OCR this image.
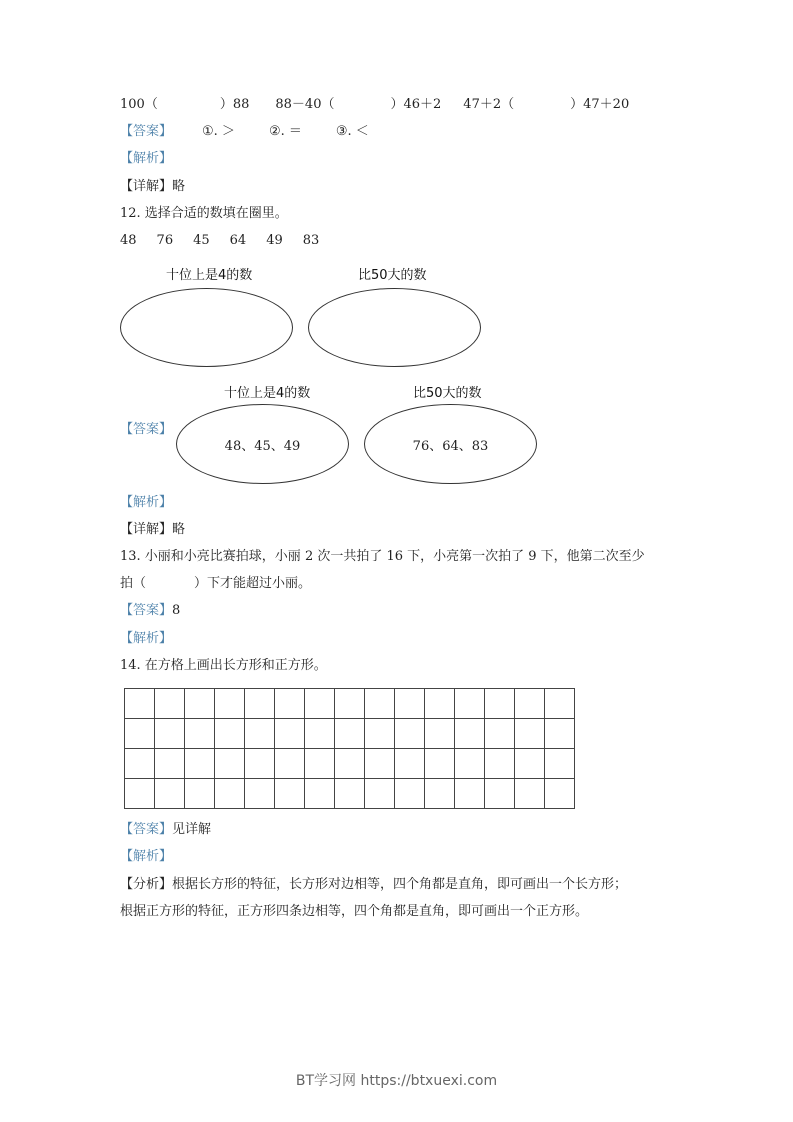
100（	）88 88－40（	）46＋2 47＋2（	）47＋20
【答案】 ①. ＞	②. ＝	③. ＜
【解析】
【详解】略
12. 选择合适的数填在圈里。
48 76 45 64 49 83
十位上是4的数	比50大的数
【答案】
十位上是4的数	比50大的数
48、45、49	76、64、83
【解析】
【详解】略
13. 小丽和小亮比赛拍球，小丽 2 次一共拍了 16 下，小亮第一次拍了 9 下，他第二次至少
拍（	）下才能超过小丽。
【答案】8
【解析】
14. 在方格上画出长方形和正方形。

【答案】见详解
【解析】
【分析】根据长方形的特征，长方形对边相等，四个角都是直角，即可画出一个长方形；
根据正方形的特征，正方形四条边相等，四个角都是直角，即可画出一个正方形。
BT学习网 https://btxuexi.com
